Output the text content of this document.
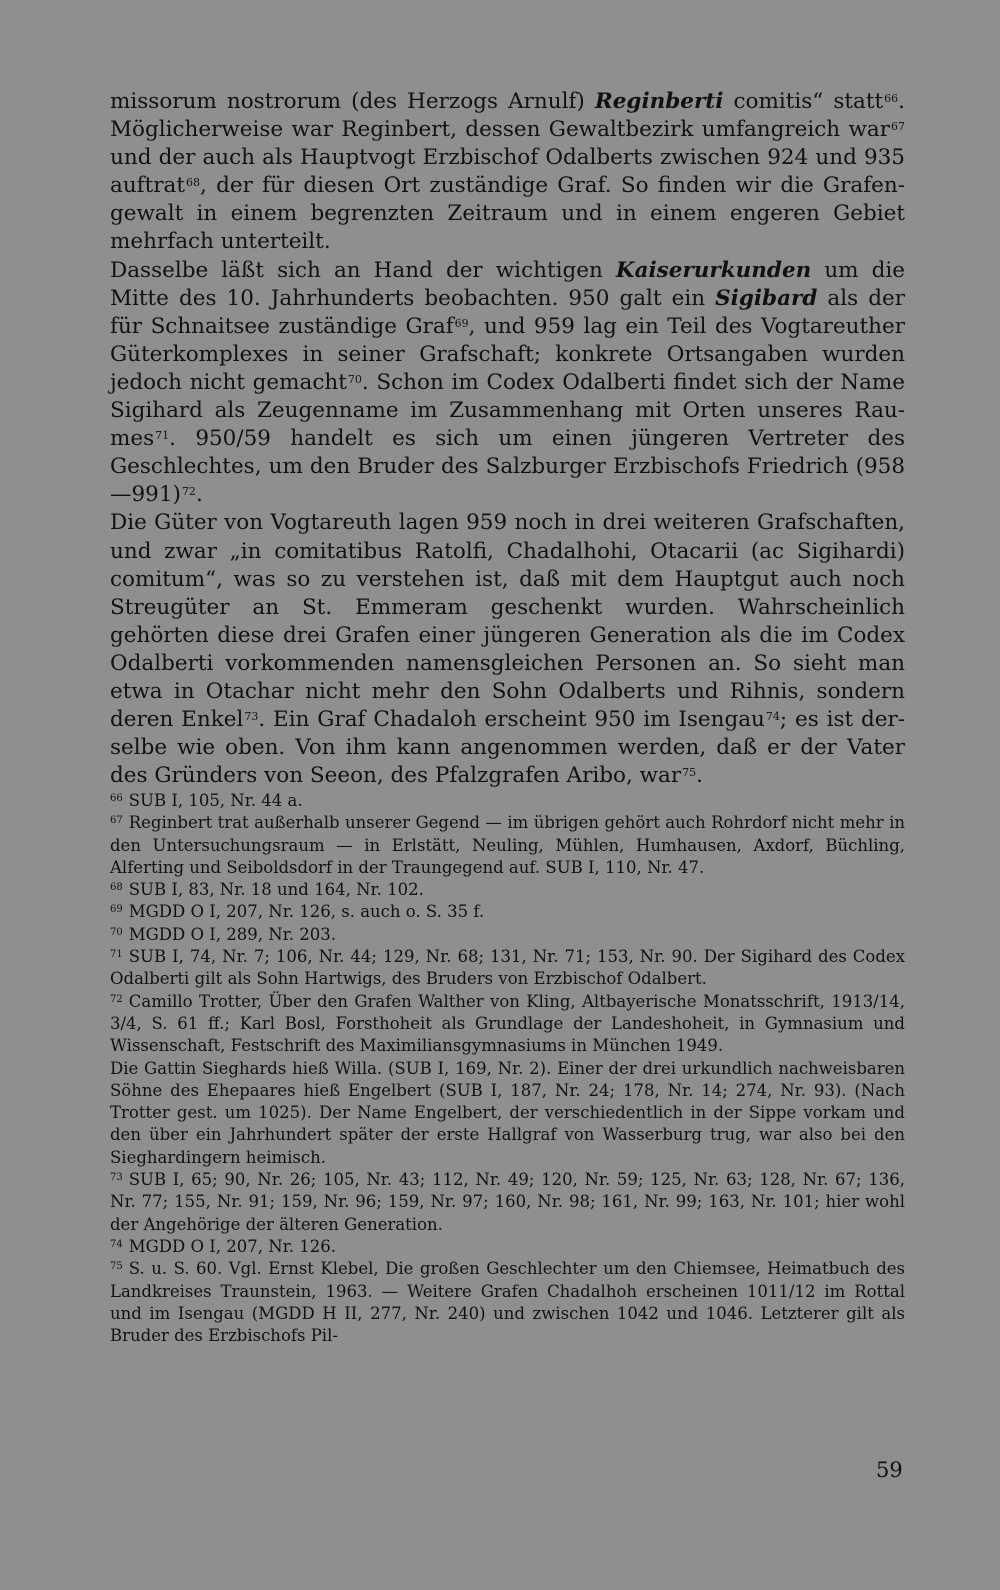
missorum nostrorum (des Herzogs Arnulf) Reginberti comitis“ statt$^{66}$. Möglicherweise war Reginbert, dessen Gewaltbezirk umfangreich war$^{67}$ und der auch als Hauptvogt Erzbischof Odalberts zwischen 924 und 935 auftrat$^{68}$, der für diesen Ort zuständige Graf. So finden wir die Grafengewalt in einem begrenzten Zeitraum und in einem engeren Gebiet mehrfach unterteilt.

Dasselbe läßt sich an Hand der wichtigen Kaiserurkunden um die Mitte des 10. Jahrhunderts beobachten. 950 galt ein Sigibard als der für Schnaitsee zuständige Graf$^{69}$, und 959 lag ein Teil des Vogtareuther Güterkomplexes in seiner Grafschaft; konkrete Ortsangaben wurden jedoch nicht gemacht$^{70}$. Schon im Codex Odalberti findet sich der Name Sigihard als Zeugenname im Zusammenhang mit Orten unseres Raumes$^{71}$. 950/59 handelt es sich um einen jüngeren Vertreter des Geschlechtes, um den Bruder des Salzburger Erzbischofs Friedrich (958—991)$^{72}$.

Die Güter von Vogtareuth lagen 959 noch in drei weiteren Grafschaften, und zwar „in comitatibus Ratolfi, Chadalhohi, Otacarii (ac Sigihardi) comitum“, was so zu verstehen ist, daß mit dem Hauptgut auch noch Streugüter an St. Emmeram geschenkt wurden. Wahrscheinlich gehörten diese drei Grafen einer jüngeren Generation als die im Codex Odalberti vorkommenden namensgleichen Personen an. So sieht man etwa in Otachar nicht mehr den Sohn Odalberts und Rihnis, sondern deren Enkel$^{73}$. Ein Graf Chadaloh erscheint 950 im Isengau$^{74}$; es ist derselbe wie oben. Von ihm kann angenommen werden, daß er der Vater des Gründers von Seeon, des Pfalzgrafen Aribo, war$^{75}$.

$^{66}$ SUB I, 105, Nr. 44 a.

$^{67}$ Reginbert trat außerhalb unserer Gegend — im übrigen gehört auch Rohrdorf nicht mehr in den Untersuchungsraum — in Erlstätt, Neuling, Mühlen, Humhausen, Axdorf, Büchling, Alferting und Seiboldsdorf in der Traungegend auf. SUB I, 110, Nr. 47.

$^{68}$ SUB I, 83, Nr. 18 und 164, Nr. 102.

$^{69}$ MGDD O I, 207, Nr. 126, s. auch o. S. 35 f.

$^{70}$ MGDD O I, 289, Nr. 203.

$^{71}$ SUB I, 74, Nr. 7; 106, Nr. 44; 129, Nr. 68; 131, Nr. 71; 153, Nr. 90. Der Sigihard des Codex Odalberti gilt als Sohn Hartwigs, des Bruders von Erzbischof Odalbert.

$^{72}$ Camillo Trotter, Über den Grafen Walther von Kling, Altbayerische Monatsschrift, 1913/14, 3/4, S. 61 ff.; Karl Bosl, Forsthoheit als Grundlage der Landeshoheit, in Gymnasium und Wissenschaft, Festschrift des Maximiliansgymnasiums in München 1949.

Die Gattin Sieghards hieß Willa. (SUB I, 169, Nr. 2). Einer der drei urkundlich nachweisbaren Söhne des Ehepaares hieß Engelbert (SUB I, 187, Nr. 24; 178, Nr. 14; 274, Nr. 93). (Nach Trotter gest. um 1025). Der Name Engelbert, der verschiedentlich in der Sippe vorkam und den über ein Jahrhundert später der erste Hallgraf von Wasserburg trug, war also bei den Sieghardingern heimisch.

$^{73}$ SUB I, 65; 90, Nr. 26; 105, Nr. 43; 112, Nr. 49; 120, Nr. 59; 125, Nr. 63; 128, Nr. 67; 136, Nr. 77; 155, Nr. 91; 159, Nr. 96; 159, Nr. 97; 160, Nr. 98; 161, Nr. 99; 163, Nr. 101; hier wohl der Angehörige der älteren Generation.

$^{74}$ MGDD O I, 207, Nr. 126.

$^{75}$ S. u. S. 60. Vgl. Ernst Klebel, Die großen Geschlechter um den Chiemsee, Heimatbuch des Landkreises Traunstein, 1963. — Weitere Grafen Chadalhoh erscheinen 1011/12 im Rottal und im Isengau (MGDD H II, 277, Nr. 240) und zwischen 1042 und 1046. Letzterer gilt als Bruder des Erzbischofs Pil-

59
